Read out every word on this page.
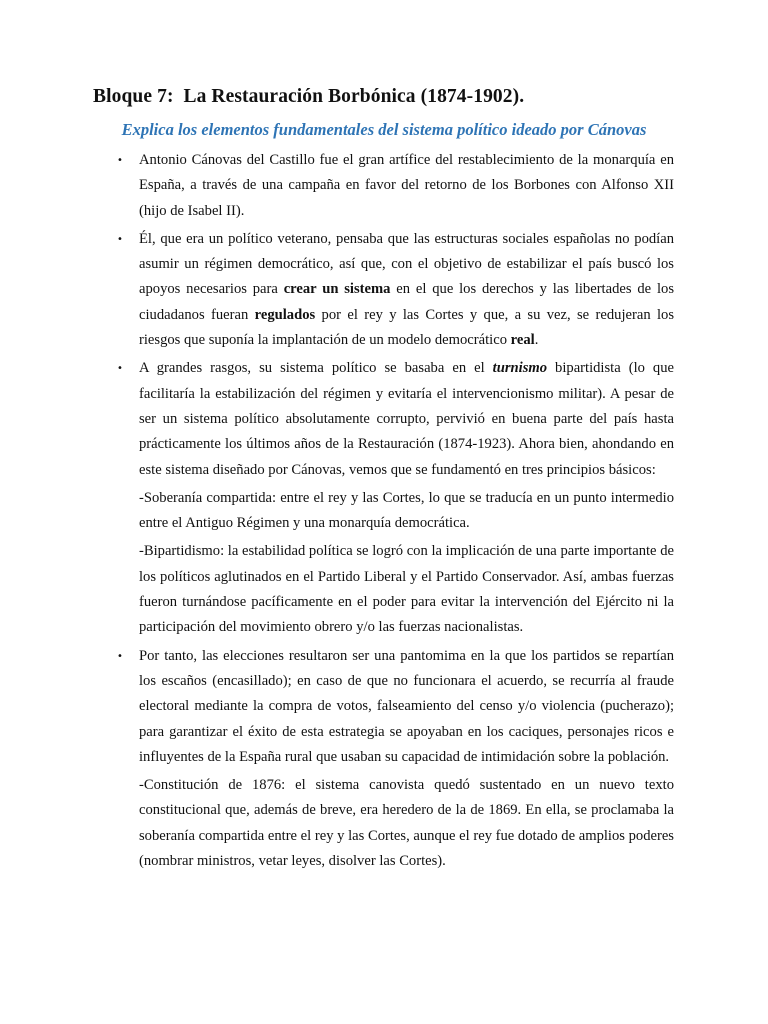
Bloque 7:  La Restauración Borbónica (1874-1902).
Explica los elementos fundamentales del sistema político ideado por Cánovas

• Antonio Cánovas del Castillo fue el gran artífice del restablecimiento de la monarquía en España, a través de una campaña en favor del retorno de los Borbones con Alfonso XII (hijo de Isabel II).

• Él, que era un político veterano, pensaba que las estructuras sociales españolas no podían asumir un régimen democrático, así que, con el objetivo de estabilizar el país buscó los apoyos necesarios para crear un sistema en el que los derechos y las libertades de los ciudadanos fueran regulados por el rey y las Cortes y que, a su vez, se redujeran los riesgos que suponía la implantación de un modelo democrático real.

• A grandes rasgos, su sistema político se basaba en el turnismo bipartidista (lo que facilitaría la estabilización del régimen y evitaría el intervencionismo militar). A pesar de ser un sistema político absolutamente corrupto, pervivió en buena parte del país hasta prácticamente los últimos años de la Restauración (1874-1923). Ahora bien, ahondando en este sistema diseñado por Cánovas, vemos que se fundamentó en tres principios básicos:

-Soberanía compartida: entre el rey y las Cortes, lo que se traducía en un punto intermedio entre el Antiguo Régimen y una monarquía democrática.

-Bipartidismo: la estabilidad política se logró con la implicación de una parte importante de los políticos aglutinados en el Partido Liberal y el Partido Conservador. Así, ambas fuerzas fueron turnándose pacíficamente en el poder para evitar la intervención del Ejército ni la participación del movimiento obrero y/o las fuerzas nacionalistas.

• Por tanto, las elecciones resultaron ser una pantomima en la que los partidos se repartían los escaños (encasillado); en caso de que no funcionara el acuerdo, se recurría al fraude electoral mediante la compra de votos, falseamiento del censo y/o violencia (pucherazo); para garantizar el éxito de esta estrategia se apoyaban en los caciques, personajes ricos e influyentes de la España rural que usaban su capacidad de intimidación sobre la población.

-Constitución de 1876: el sistema canovista quedó sustentado en un nuevo texto constitucional que, además de breve, era heredero de la de 1869. En ella, se proclamaba la soberanía compartida entre el rey y las Cortes, aunque el rey fue dotado de amplios poderes (nombrar ministros, vetar leyes, disolver las Cortes).
